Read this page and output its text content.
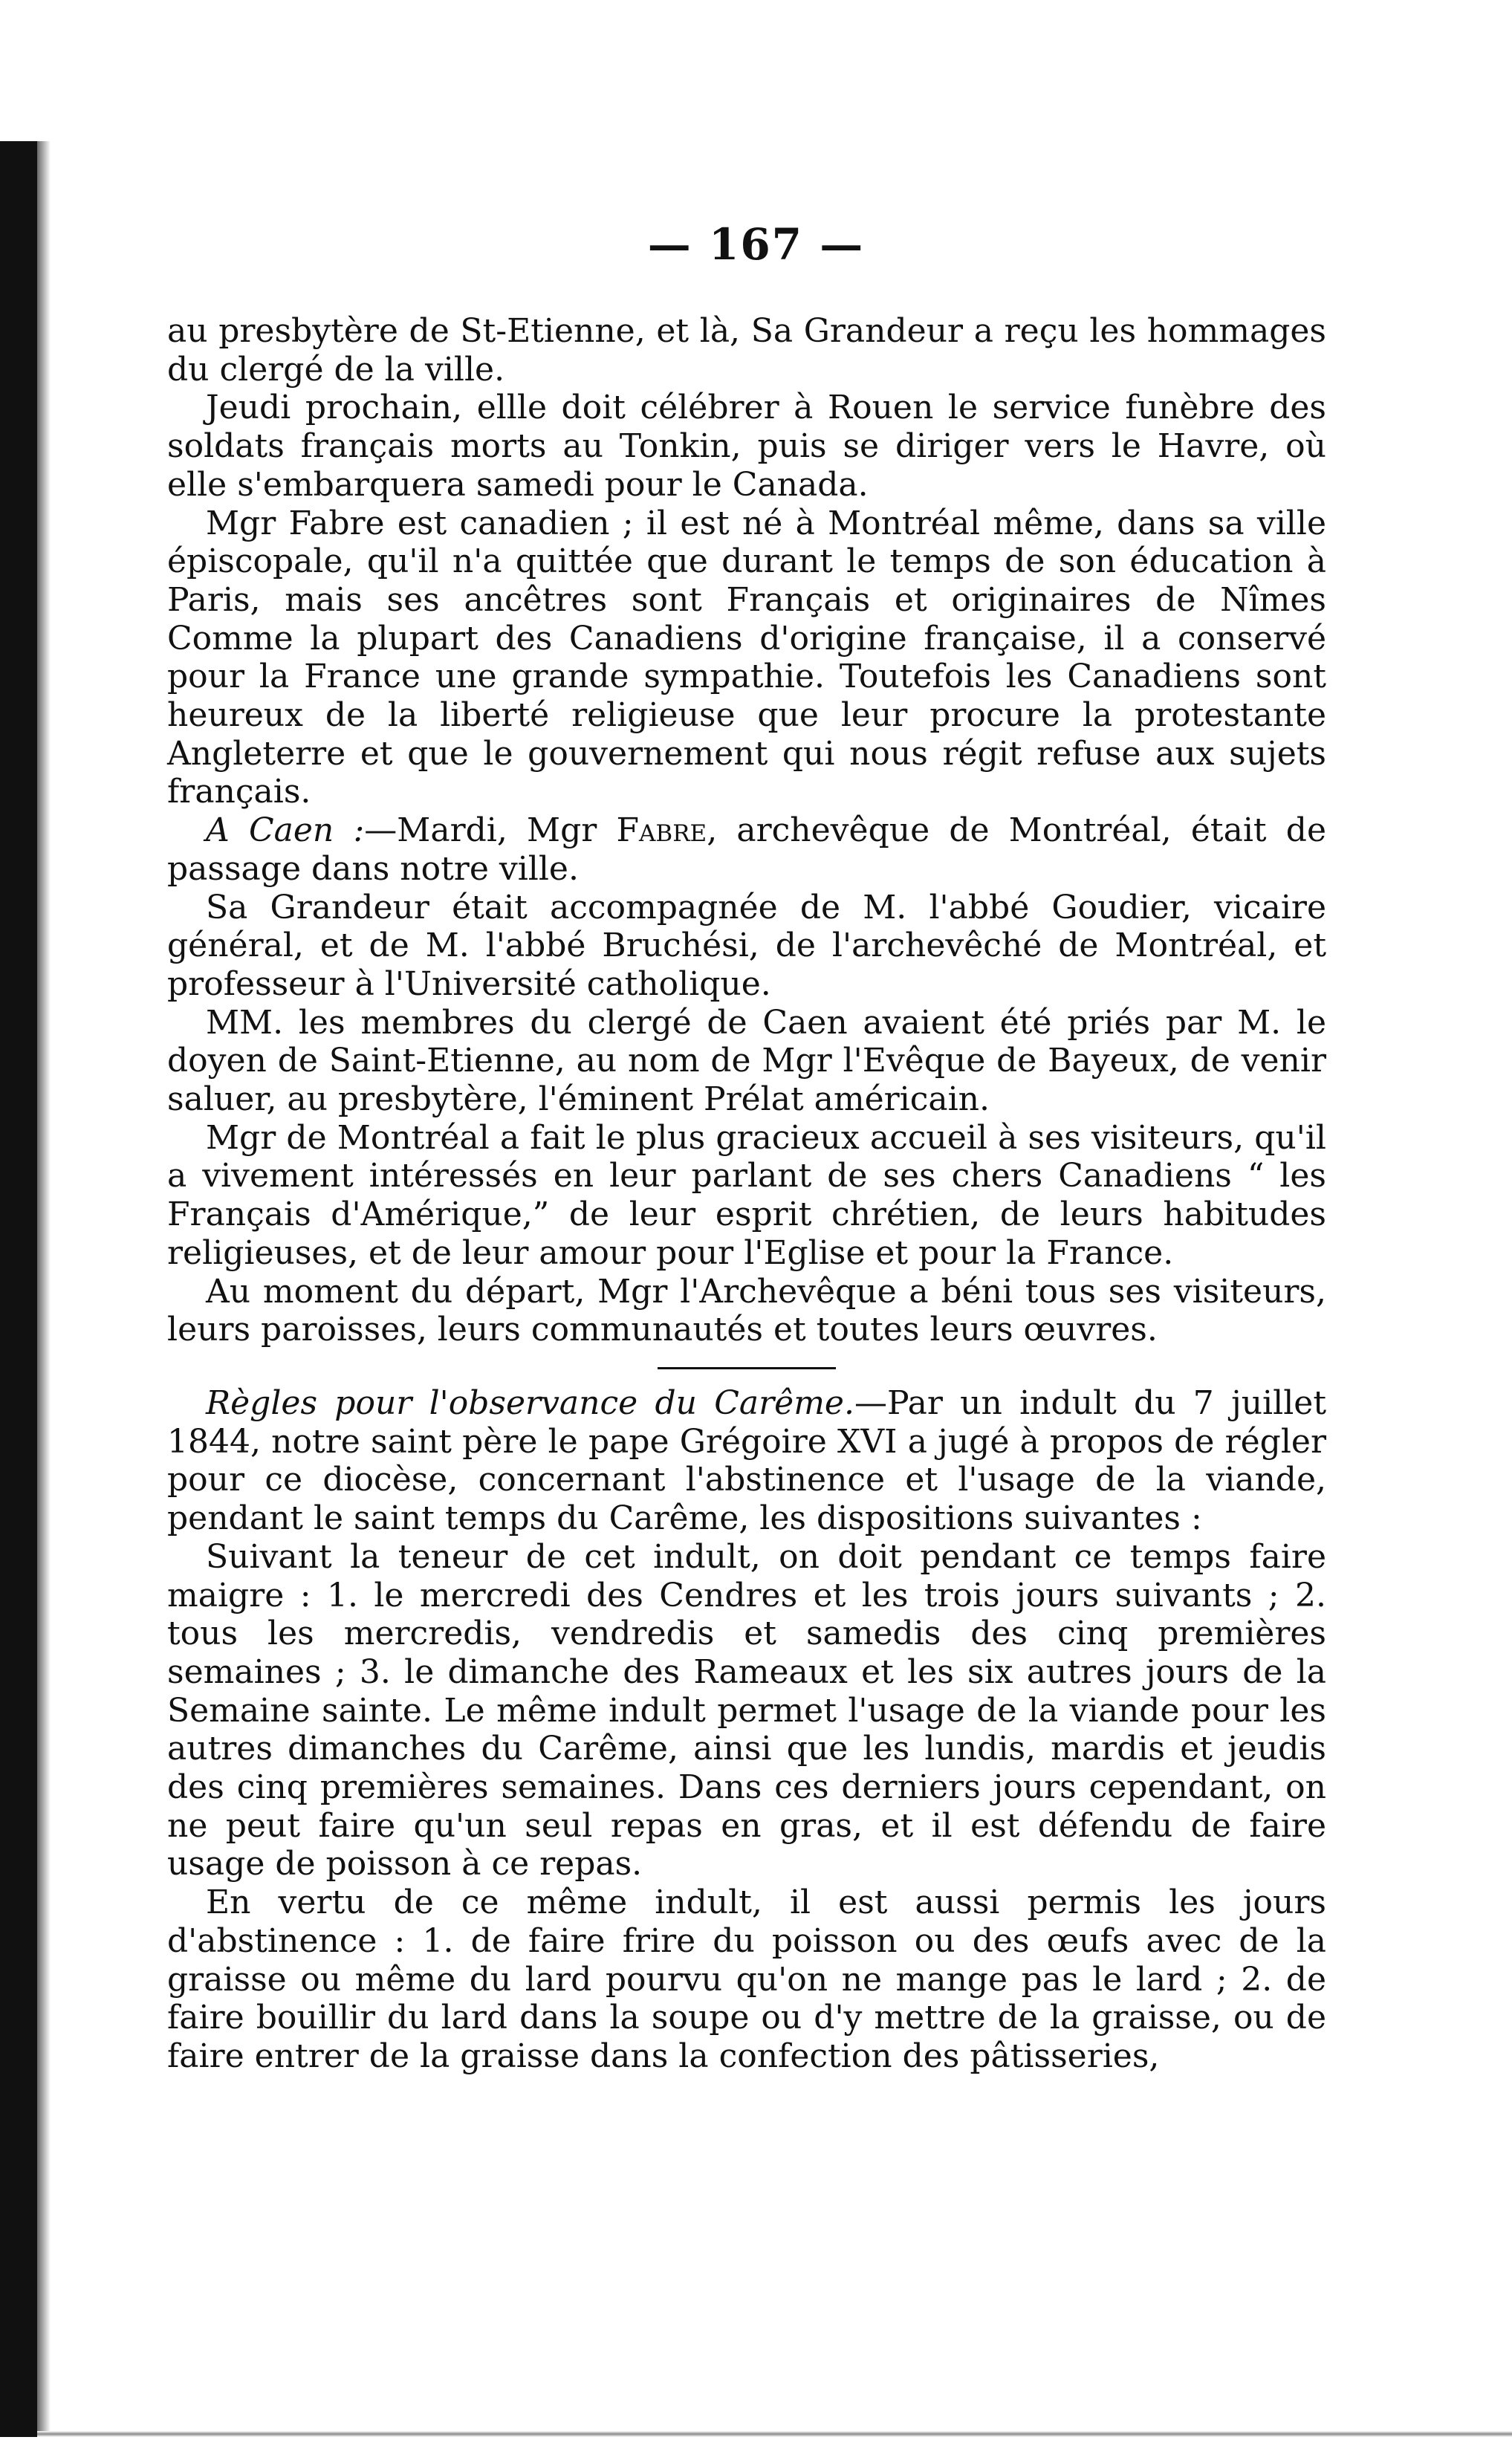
— 167 —

au presbytère de St-Etienne, et là, Sa Grandeur a reçu les hommages du clergé de la ville.

Jeudi prochain, ellle doit célébrer à Rouen le service funèbre des soldats français morts au Tonkin, puis se diriger vers le Havre, où elle s'embarquera samedi pour le Canada.

Mgr Fabre est canadien ; il est né à Montréal même, dans sa ville épiscopale, qu'il n'a quittée que durant le temps de son éducation à Paris, mais ses ancêtres sont Français et originaires de Nîmes Comme la plupart des Canadiens d'origine française, il a conservé pour la France une grande sympathie. Toutefois les Canadiens sont heureux de la liberté religieuse que leur procure la protestante Angleterre et que le gouvernement qui nous régit refuse aux sujets français.

A Caen :—Mardi, Mgr Fabre, archevêque de Montréal, était de passage dans notre ville.

Sa Grandeur était accompagnée de M. l'abbé Goudier, vicaire général, et de M. l'abbé Bruchési, de l'archevêché de Montréal, et professeur à l'Université catholique.

MM. les membres du clergé de Caen avaient été priés par M. le doyen de Saint-Etienne, au nom de Mgr l'Evêque de Bayeux, de venir saluer, au presbytère, l'éminent Prélat américain.

Mgr de Montréal a fait le plus gracieux accueil à ses visiteurs, qu'il a vivement intéressés en leur parlant de ses chers Canadiens “ les Français d'Amérique,” de leur esprit chrétien, de leurs habitudes religieuses, et de leur amour pour l'Eglise et pour la France.

Au moment du départ, Mgr l'Archevêque a béni tous ses visiteurs, leurs paroisses, leurs communautés et toutes leurs œuvres.

Règles pour l'observance du Carême.—Par un indult du 7 juillet 1844, notre saint père le pape Grégoire XVI a jugé à propos de régler pour ce diocèse, concernant l'abstinence et l'usage de la viande, pendant le saint temps du Carême, les dispositions suivantes :

Suivant la teneur de cet indult, on doit pendant ce temps faire maigre : 1. le mercredi des Cendres et les trois jours suivants ; 2. tous les mercredis, vendredis et samedis des cinq premières semaines ; 3. le dimanche des Rameaux et les six autres jours de la Semaine sainte. Le même indult permet l'usage de la viande pour les autres dimanches du Carême, ainsi que les lundis, mardis et jeudis des cinq premières semaines. Dans ces derniers jours cependant, on ne peut faire qu'un seul repas en gras, et il est défendu de faire usage de poisson à ce repas.

En vertu de ce même indult, il est aussi permis les jours d'abstinence : 1. de faire frire du poisson ou des œufs avec de la graisse ou même du lard pourvu qu'on ne mange pas le lard ; 2. de faire bouillir du lard dans la soupe ou d'y mettre de la graisse, ou de faire entrer de la graisse dans la confection des pâtisseries,
